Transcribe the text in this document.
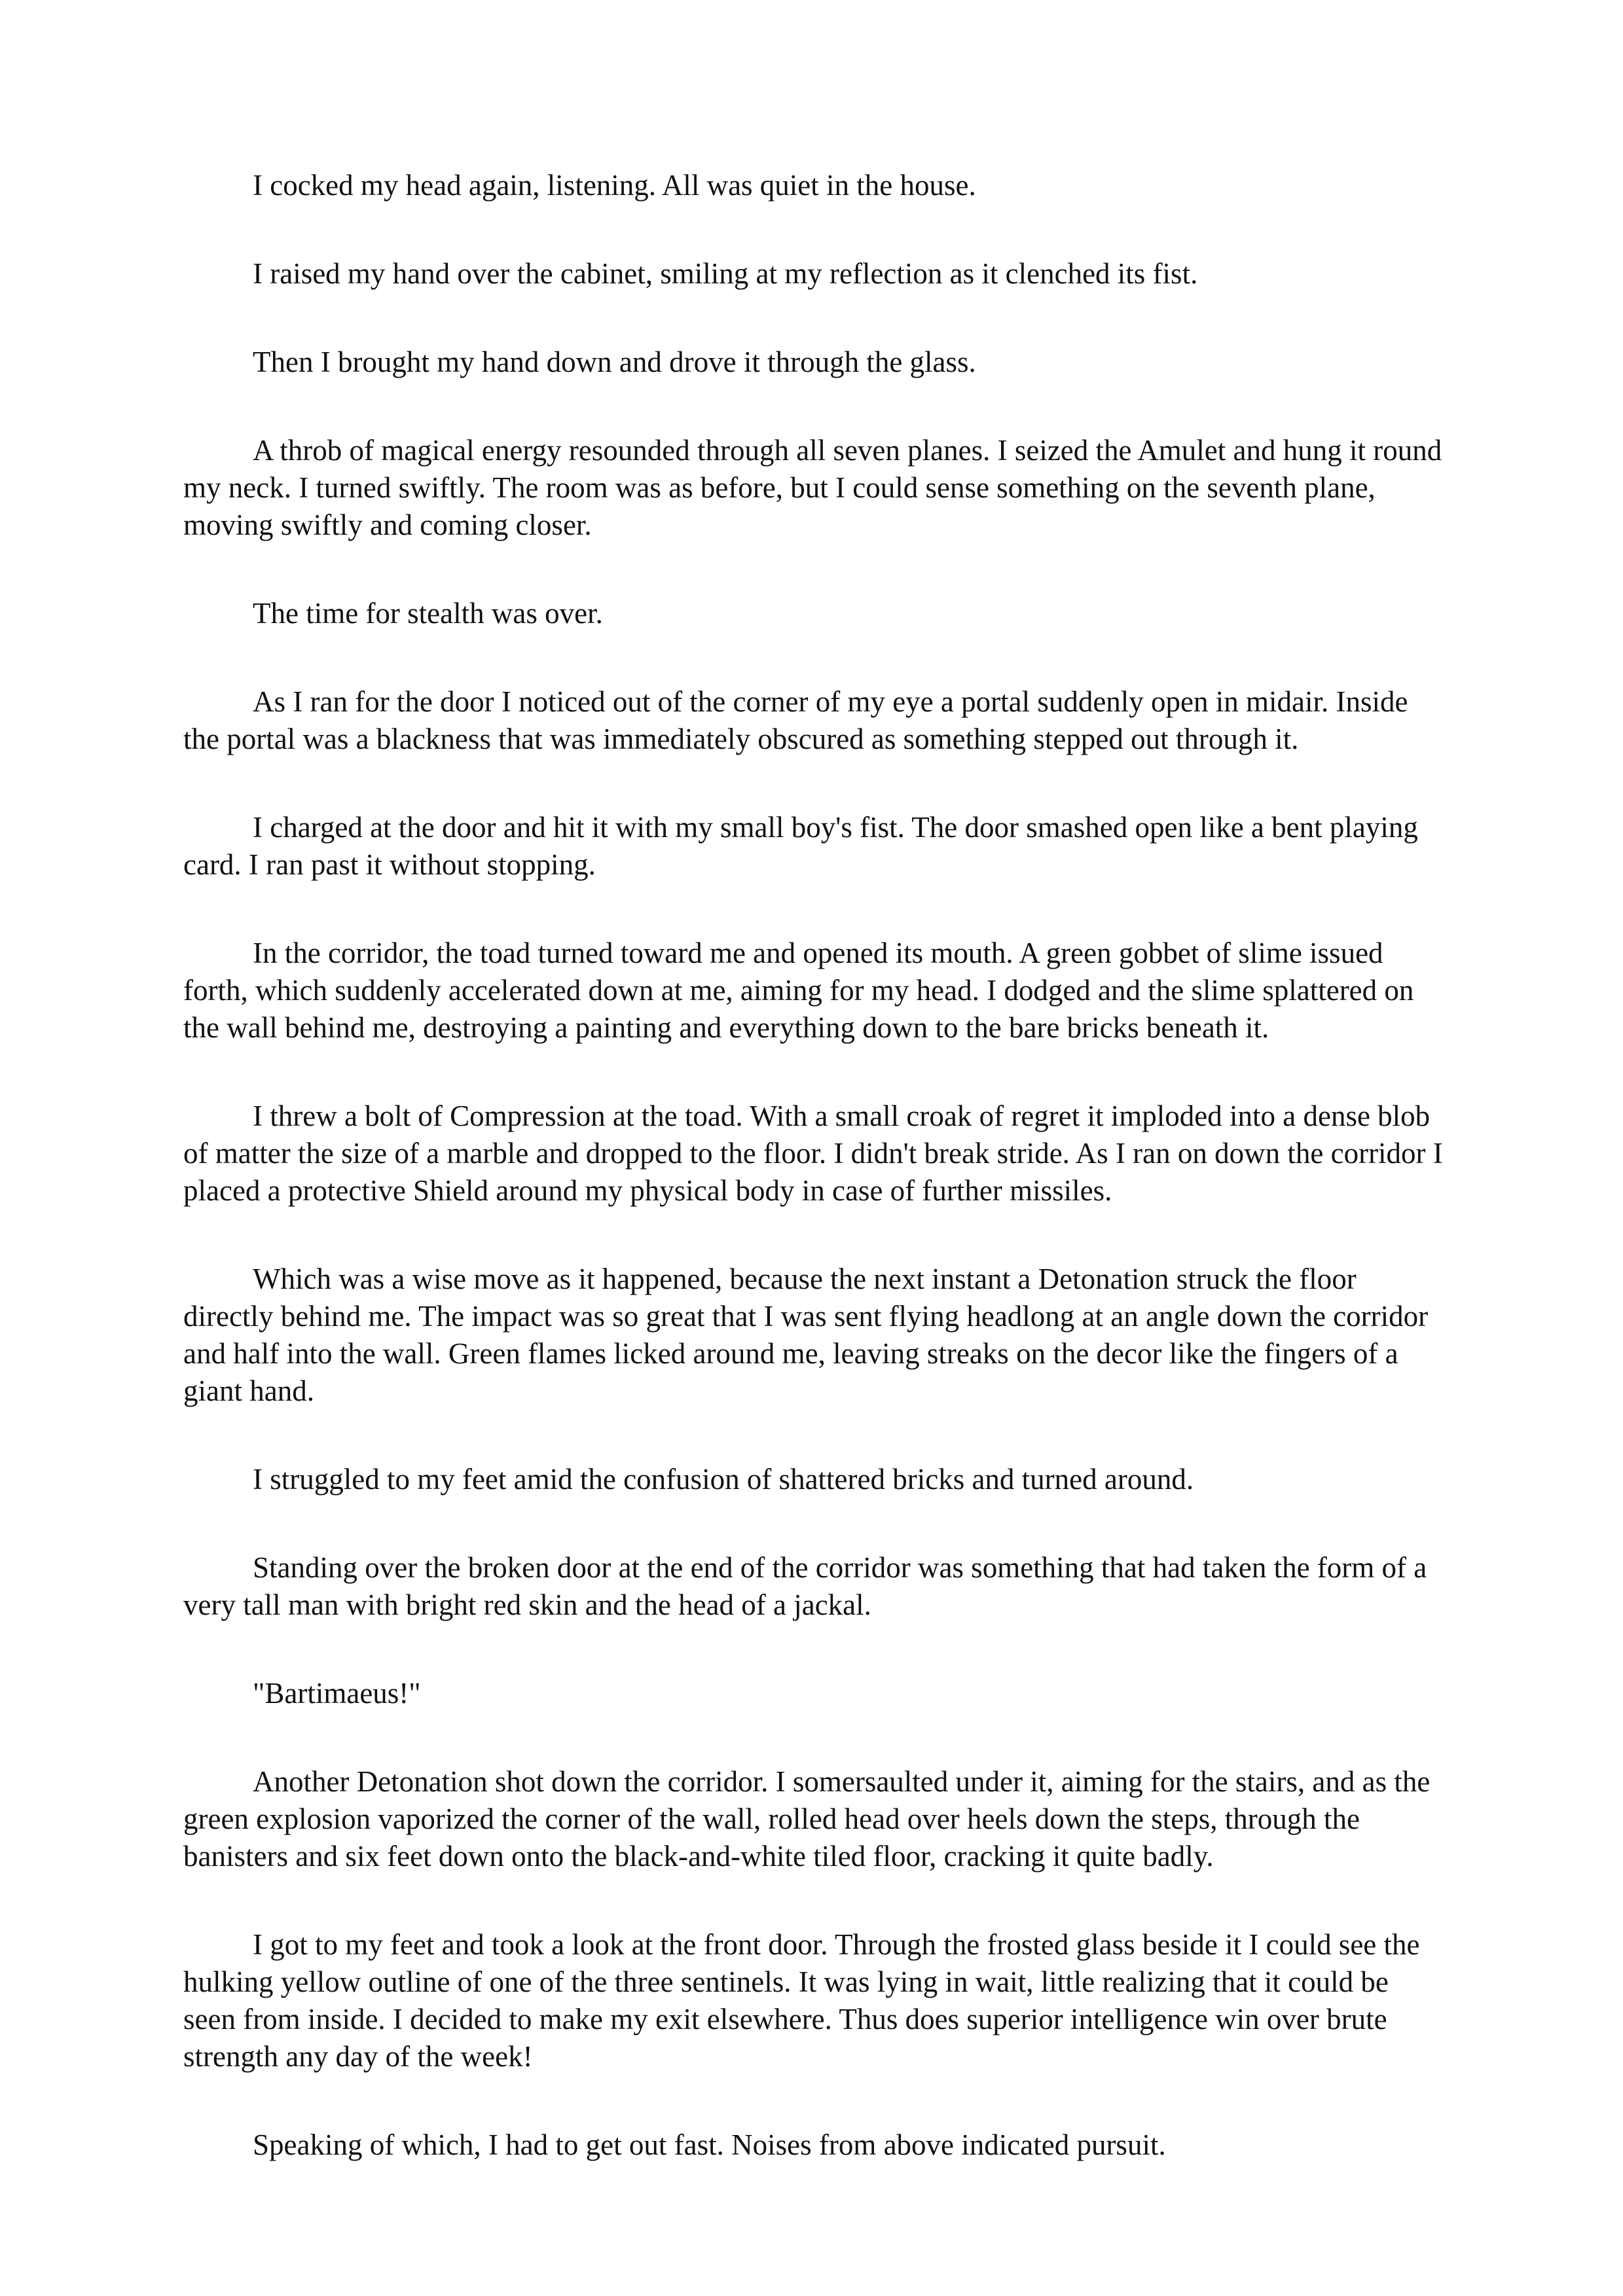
I cocked my head again, listening. All was quiet in the house.

I raised my hand over the cabinet, smiling at my reflection as it clenched its fist.

Then I brought my hand down and drove it through the glass.

A throb of magical energy resounded through all seven planes. I seized the Amulet and hung it round my neck. I turned swiftly. The room was as before, but I could sense something on the seventh plane, moving swiftly and coming closer.

The time for stealth was over.

As I ran for the door I noticed out of the corner of my eye a portal suddenly open in midair. Inside the portal was a blackness that was immediately obscured as something stepped out through it.

I charged at the door and hit it with my small boy's fist. The door smashed open like a bent playing card. I ran past it without stopping.

In the corridor, the toad turned toward me and opened its mouth. A green gobbet of slime issued forth, which suddenly accelerated down at me, aiming for my head. I dodged and the slime splattered on the wall behind me, destroying a painting and everything down to the bare bricks beneath it.

I threw a bolt of Compression at the toad. With a small croak of regret it imploded into a dense blob of matter the size of a marble and dropped to the floor. I didn't break stride. As I ran on down the corridor I placed a protective Shield around my physical body in case of further missiles.

Which was a wise move as it happened, because the next instant a Detonation struck the floor directly behind me. The impact was so great that I was sent flying headlong at an angle down the corridor and half into the wall. Green flames licked around me, leaving streaks on the decor like the fingers of a giant hand.

I struggled to my feet amid the confusion of shattered bricks and turned around.

Standing over the broken door at the end of the corridor was something that had taken the form of a very tall man with bright red skin and the head of a jackal.

"Bartimaeus!"

Another Detonation shot down the corridor. I somersaulted under it, aiming for the stairs, and as the green explosion vaporized the corner of the wall, rolled head over heels down the steps, through the banisters and six feet down onto the black-and-white tiled floor, cracking it quite badly.

I got to my feet and took a look at the front door. Through the frosted glass beside it I could see the hulking yellow outline of one of the three sentinels. It was lying in wait, little realizing that it could be seen from inside. I decided to make my exit elsewhere. Thus does superior intelligence win over brute strength any day of the week!

Speaking of which, I had to get out fast. Noises from above indicated pursuit.
